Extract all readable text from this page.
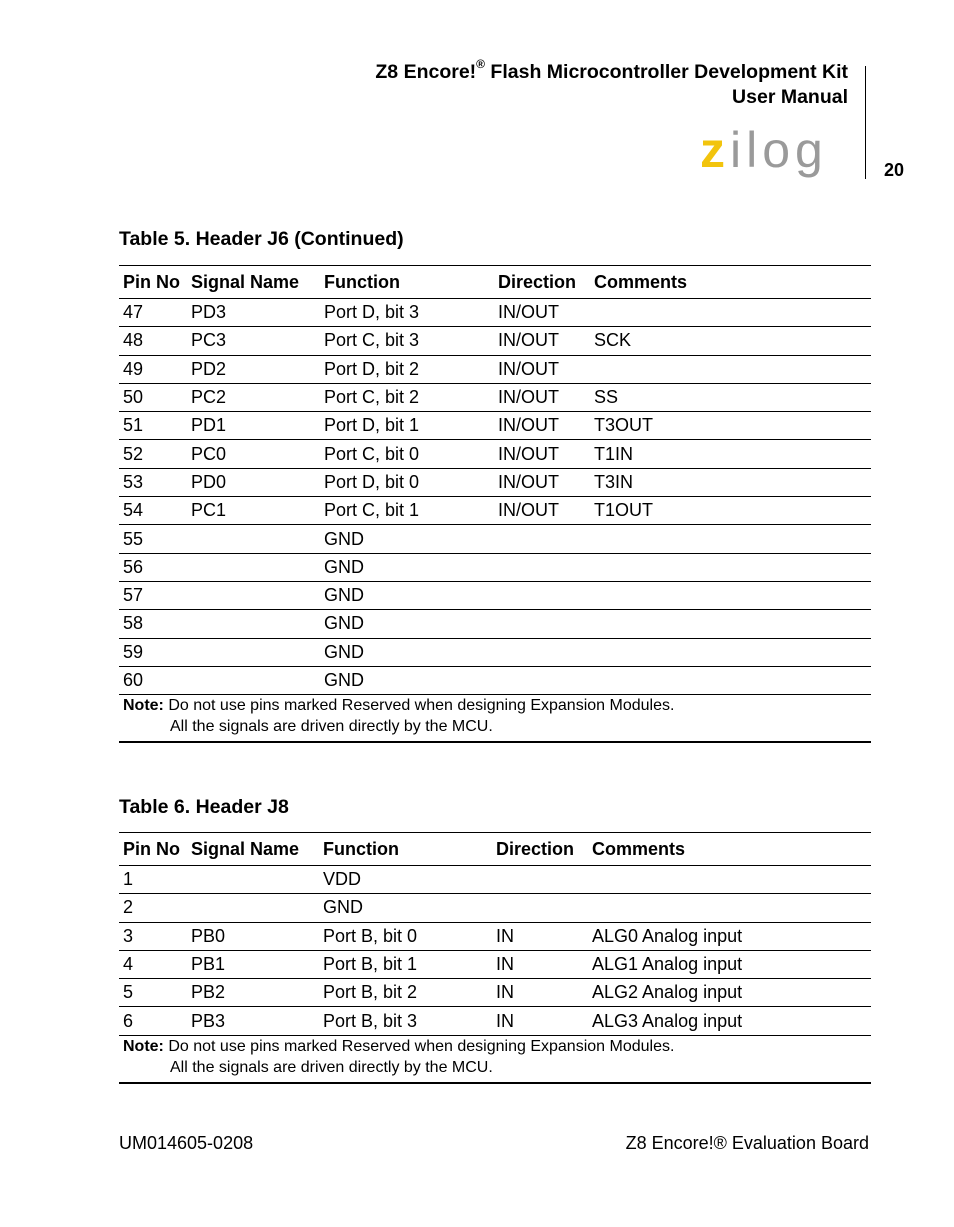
Z8 Encore!® Flash Microcontroller Development Kit
User Manual
zilog	20
Table 5. Header J6 (Continued)
Pin No	Signal Name	Function	Direction	Comments
47	PD3	Port D, bit 3	IN/OUT	
48	PC3	Port C, bit 3	IN/OUT	SCK
49	PD2	Port D, bit 2	IN/OUT	
50	PC2	Port C, bit 2	IN/OUT	SS
51	PD1	Port D, bit 1	IN/OUT	T3OUT
52	PC0	Port C, bit 0	IN/OUT	T1IN
53	PD0	Port D, bit 0	IN/OUT	T3IN
54	PC1	Port C, bit 1	IN/OUT	T1OUT
55		GND		
56		GND		
57		GND		
58		GND		
59		GND		
60		GND		

Note: Do not use pins marked Reserved when designing Expansion Modules.
All the signals are driven directly by the MCU.				
Table 6. Header J8
Pin No	Signal Name	Function	Direction	Comments
1		VDD		
2		GND		
3	PB0	Port B, bit 0	IN	ALG0 Analog input
4	PB1	Port B, bit 1	IN	ALG1 Analog input
5	PB2	Port B, bit 2	IN	ALG2 Analog input
6	PB3	Port B, bit 3	IN	ALG3 Analog input

Note: Do not use pins marked Reserved when designing Expansion Modules.
All the signals are driven directly by the MCU.				
UM014605-0208	Z8 Encore!® Evaluation Board
